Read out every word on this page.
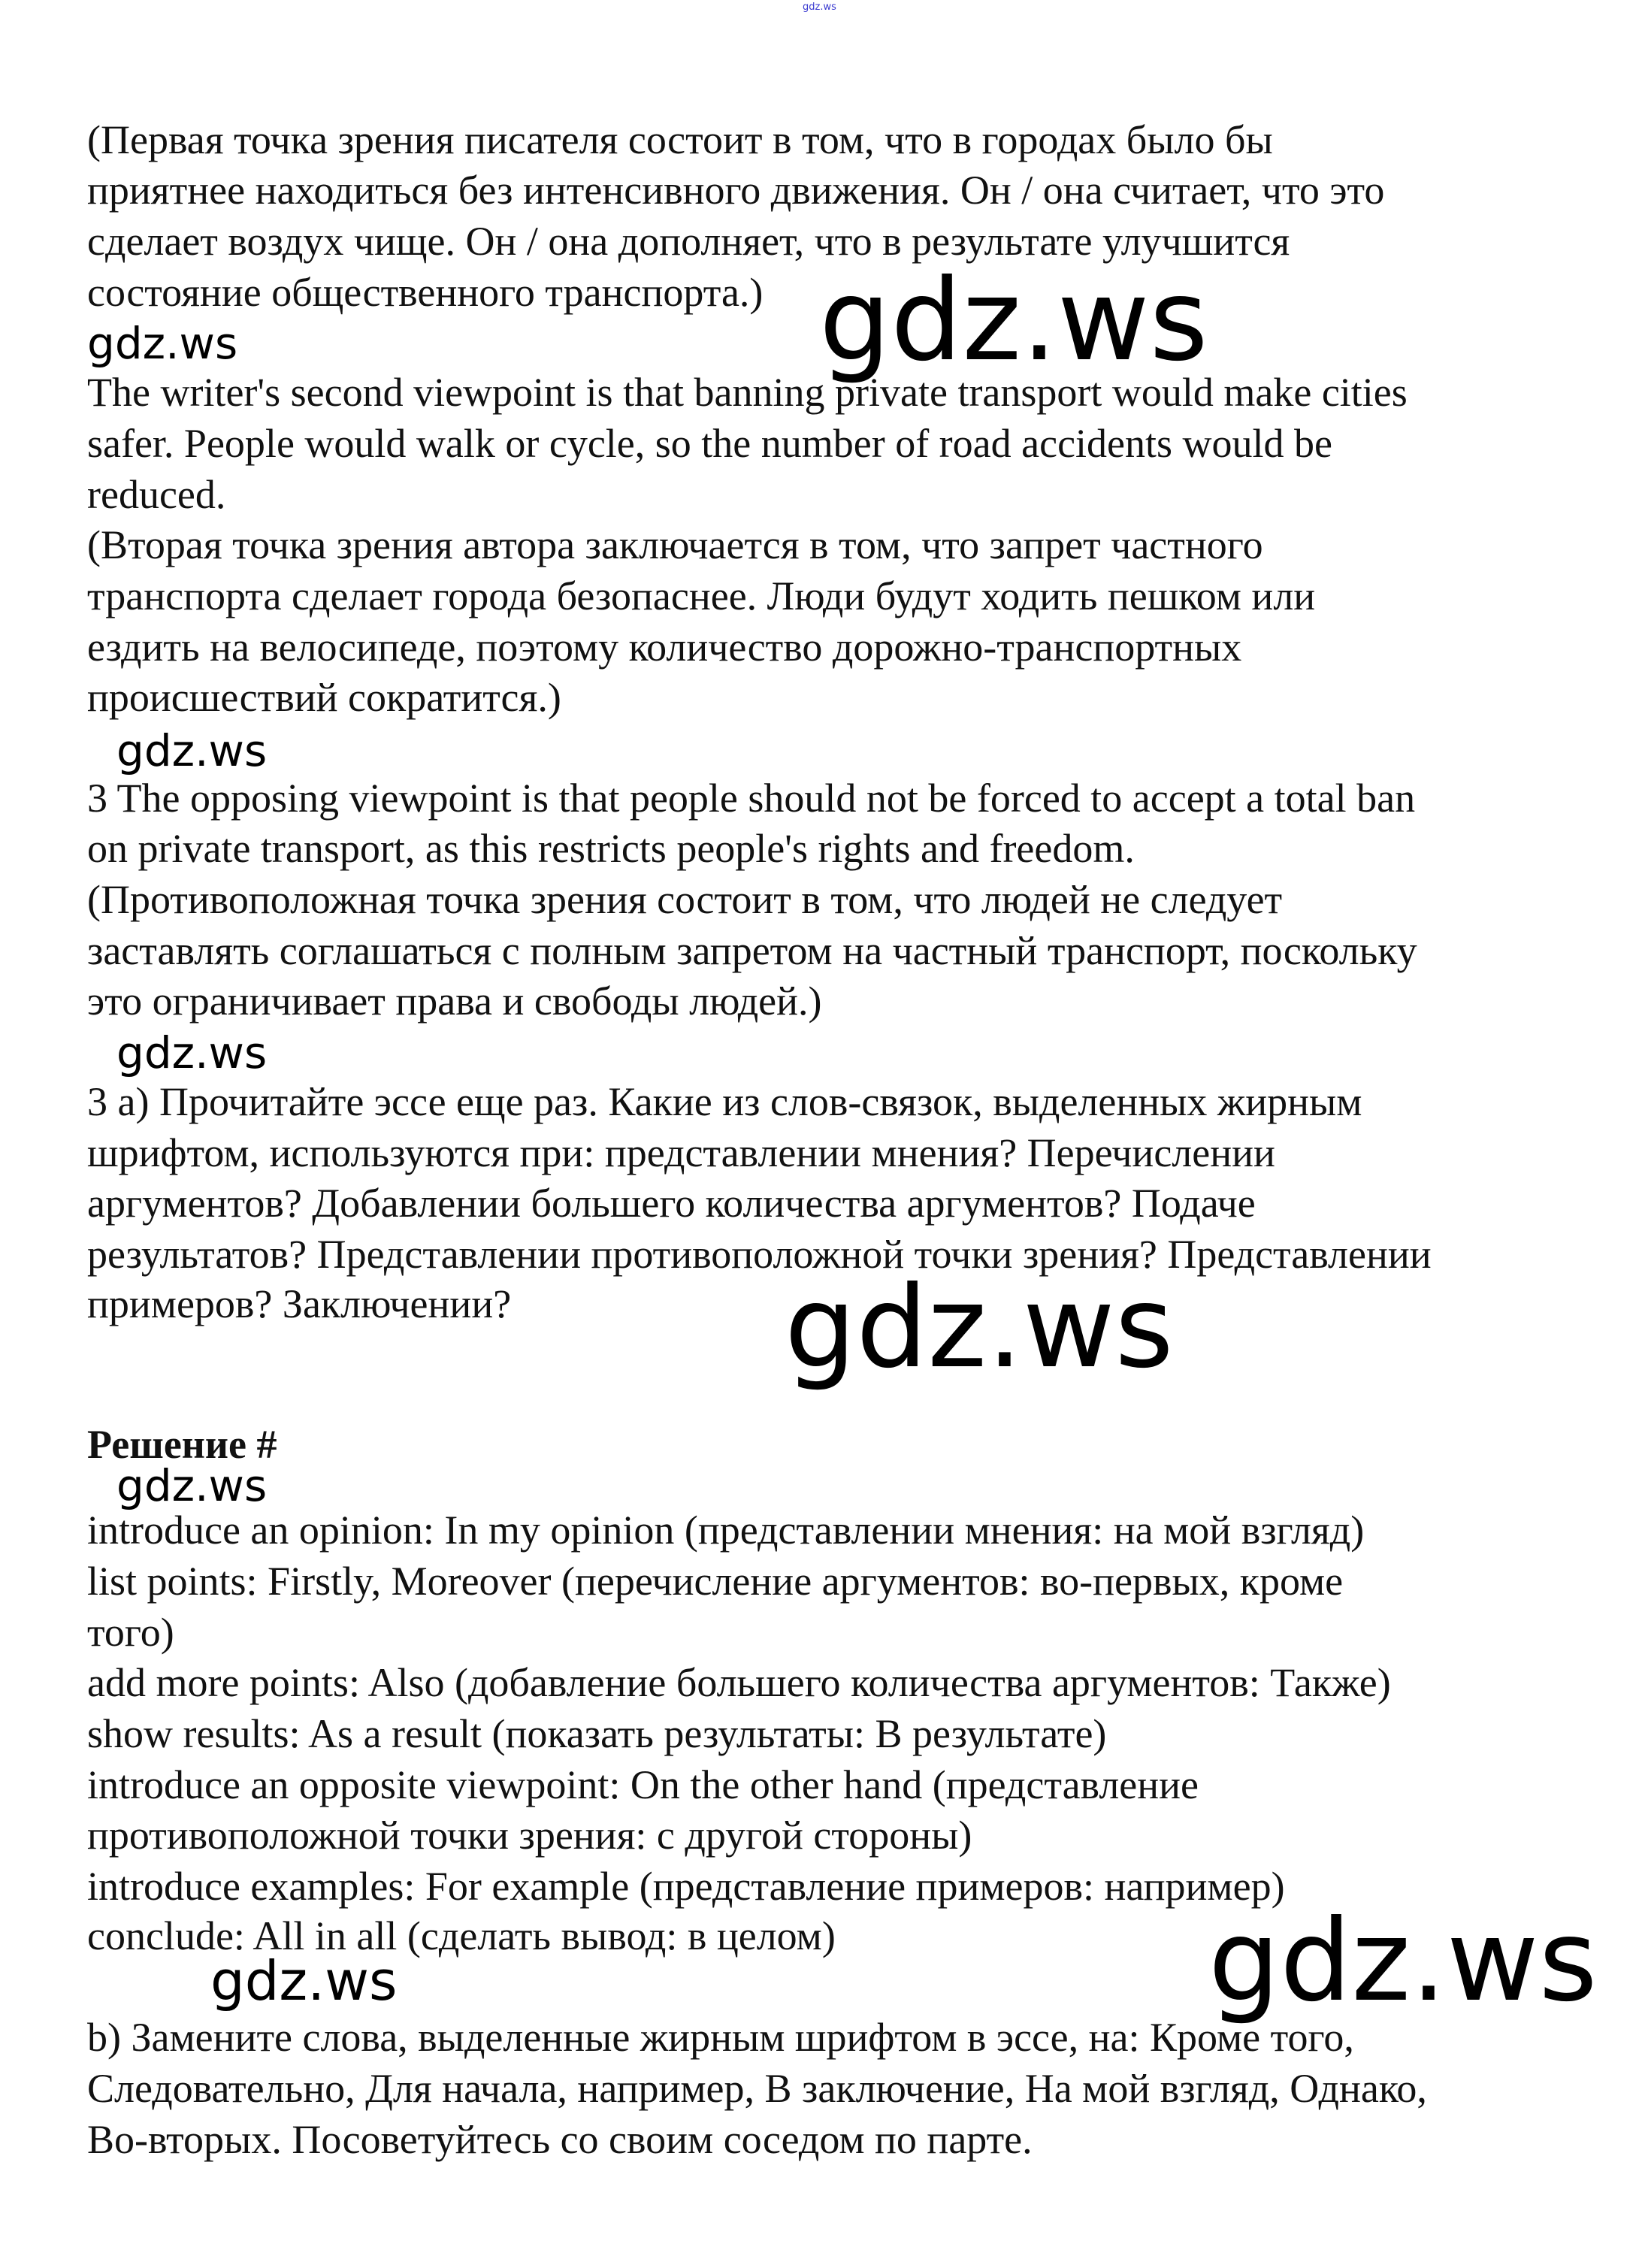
gdz.ws
(Первая точка зрения писателя состоит в том, что в городах было бы
приятнее находиться без интенсивного движения. Он / она считает, что это
сделает воздух чище. Он / она дополняет, что в результате улучшится
состояние общественного транспорта.)
gdz.ws	gdz.ws
The writer's second viewpoint is that banning private transport would make cities
safer. People would walk or cycle, so the number of road accidents would be
reduced.
(Вторая точка зрения автора заключается в том, что запрет частного
транспорта сделает города безопаснее. Люди будут ходить пешком или
ездить на велосипеде, поэтому количество дорожно-транспортных
происшествий сократится.)
gdz.ws
3 The opposing viewpoint is that people should not be forced to accept a total ban
on private transport, as this restricts people's rights and freedom.
(Противоположная точка зрения состоит в том, что людей не следует
заставлять соглашаться с полным запретом на частный транспорт, поскольку
это ограничивает права и свободы людей.)
gdz.ws
3 a) Прочитайте эссе еще раз. Какие из слов-связок, выделенных жирным
шрифтом, используются при: представлении мнения? Перечислении
аргументов? Добавлении большего количества аргументов? Подаче
результатов? Представлении противоположной точки зрения? Представлении
примеров? Заключении? gdz.ws
Решение #
gdz.ws
introduce an opinion: In my opinion (представлении мнения: на мой взгляд)
list points: Firstly, Moreover (перечисление аргументов: во-первых, кроме
того)
add more points: Also (добавление большего количества аргументов: Также)
show results: As a result (показать результаты: В результате)
introduce an opposite viewpoint: On the other hand (представление
противоположной точки зрения: с другой стороны)
introduce examples: For example (представление примеров: например)
conclude: All in all (сделать вывод: в целом)
gdz.ws	gdz.ws
b) Замените слова, выделенные жирным шрифтом в эссе, на: Кроме того,
Следовательно, Для начала, например, В заключение, На мой взгляд, Однако,
Во-вторых. Посоветуйтесь со своим соседом по парте.
